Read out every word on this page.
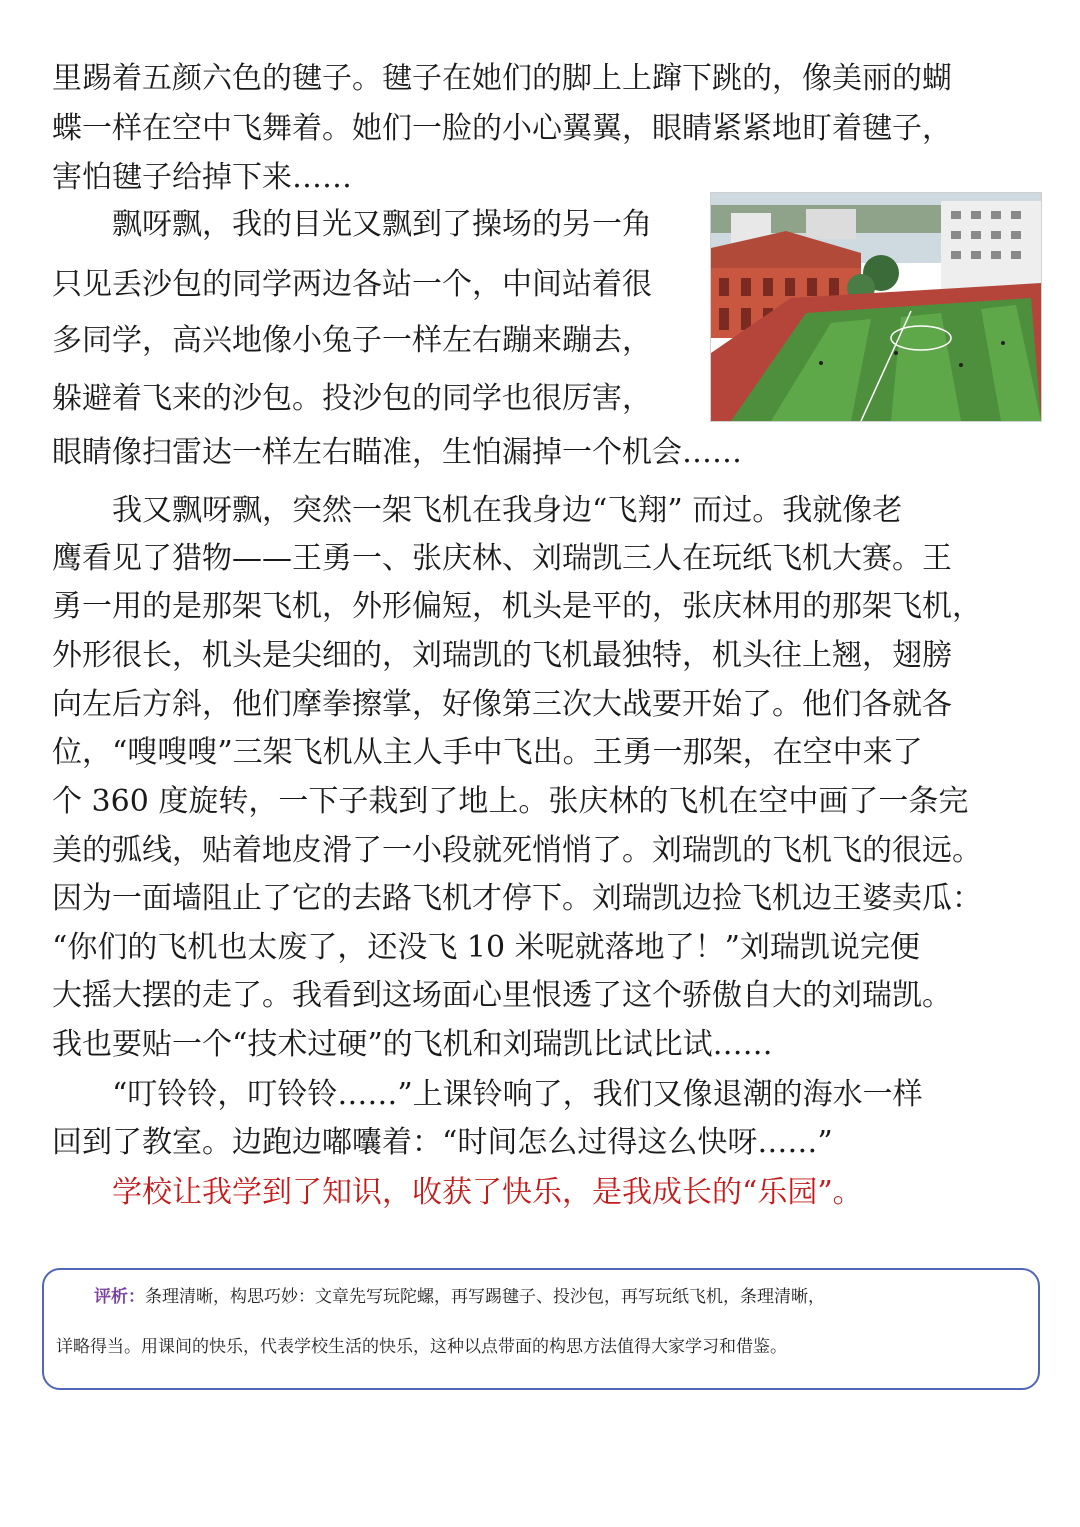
里踢着五颜六色的毽子。毽子在她们的脚上上蹿下跳的，像美丽的蝴
蝶一样在空中飞舞着。她们一脸的小心翼翼，眼睛紧紧地盯着毽子，
害怕毽子给掉下来……
　　飘呀飘，我的目光又飘到了操场的另一角
只见丢沙包的同学两边各站一个，中间站着很
多同学，高兴地像小兔子一样左右蹦来蹦去，
躲避着飞来的沙包。投沙包的同学也很厉害，
眼睛像扫雷达一样左右瞄准，生怕漏掉一个机会……
　　我又飘呀飘，突然一架飞机在我身边“飞翔” 而过。我就像老
鹰看见了猎物——王勇一、张庆林、刘瑞凯三人在玩纸飞机大赛。王
勇一用的是那架飞机，外形偏短，机头是平的，张庆林用的那架飞机，
外形很长，机头是尖细的，刘瑞凯的飞机最独特，机头往上翘，翅膀
向左后方斜，他们摩拳擦掌，好像第三次大战要开始了。他们各就各
位，“嗖嗖嗖”三架飞机从主人手中飞出。王勇一那架，在空中来了
个 360 度旋转，一下子栽到了地上。张庆林的飞机在空中画了一条完
美的弧线，贴着地皮滑了一小段就死悄悄了。刘瑞凯的飞机飞的很远。
因为一面墙阻止了它的去路飞机才停下。刘瑞凯边捡飞机边王婆卖瓜：
“你们的飞机也太废了，还没飞 10 米呢就落地了！”刘瑞凯说完便
大摇大摆的走了。我看到这场面心里恨透了这个骄傲自大的刘瑞凯。
我也要贴一个“技术过硬”的飞机和刘瑞凯比试比试……
　　“叮铃铃，叮铃铃……”上课铃响了，我们又像退潮的海水一样
回到了教室。边跑边嘟囔着：“时间怎么过得这么快呀……”
　　学校让我学到了知识，收获了快乐，是我成长的“乐园”。
评析：条理清晰，构思巧妙：文章先写玩陀螺，再写踢毽子、投沙包，再写玩纸飞机，条理清晰，
详略得当。用课间的快乐，代表学校生活的快乐，这种以点带面的构思方法值得大家学习和借鉴。
